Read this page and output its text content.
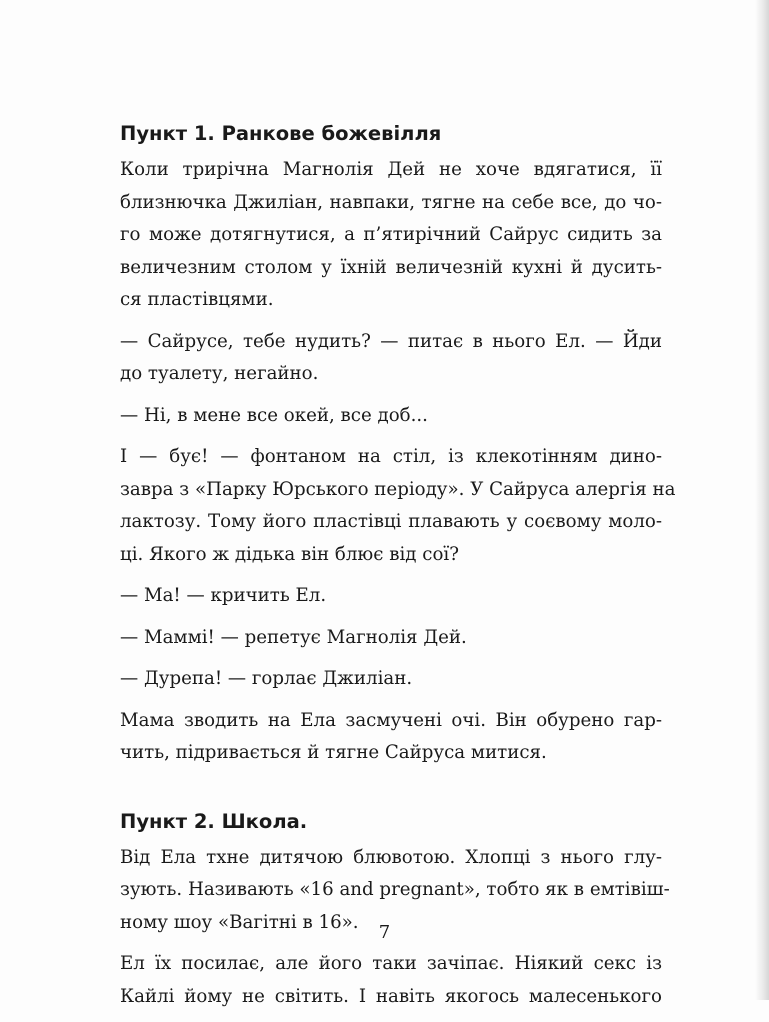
Пункт 1. Ранкове божевілля

Коли трирічна Магнолія Дей не хоче вдягатися, її
близнючка Джиліан, навпаки, тягне на себе все, до чо-
го може дотягнутися, а п’ятирічний Сайрус сидить за
величезним столом у їхній величезній кухні й дусить-
ся пластівцями.

— Сайрусе, тебе нудить? — питає в нього Ел. — Йди
до туалету, негайно.

— Ні, в мене все окей, все доб...

І — бує! — фонтаном на стіл, із клекотінням дино-
завра з «Парку Юрського періоду». У Сайруса алергія на
лактозу. Тому його пластівці плавають у соєвому моло-
ці. Якого ж дідька він блює від сої?

— Ма! — кричить Ел.

— Маммі! — репетує Магнолія Дей.

— Дурепа! — горлає Джиліан.

Мама зводить на Ела засмучені очі. Він обурено гар-
чить, підривається й тягне Сайруса митися.

Пункт 2. Школа.

Від Ела тхне дитячою блювотою. Хлопці з нього глу-
зують. Називають «16 and pregnant», тобто як в емтівіш-
ному шоу «Вагітні в 16».

Ел їх посилає, але його таки зачіпає. Ніякий секс із
Кайлі йому не світить. І навіть якогось малесенького

7
